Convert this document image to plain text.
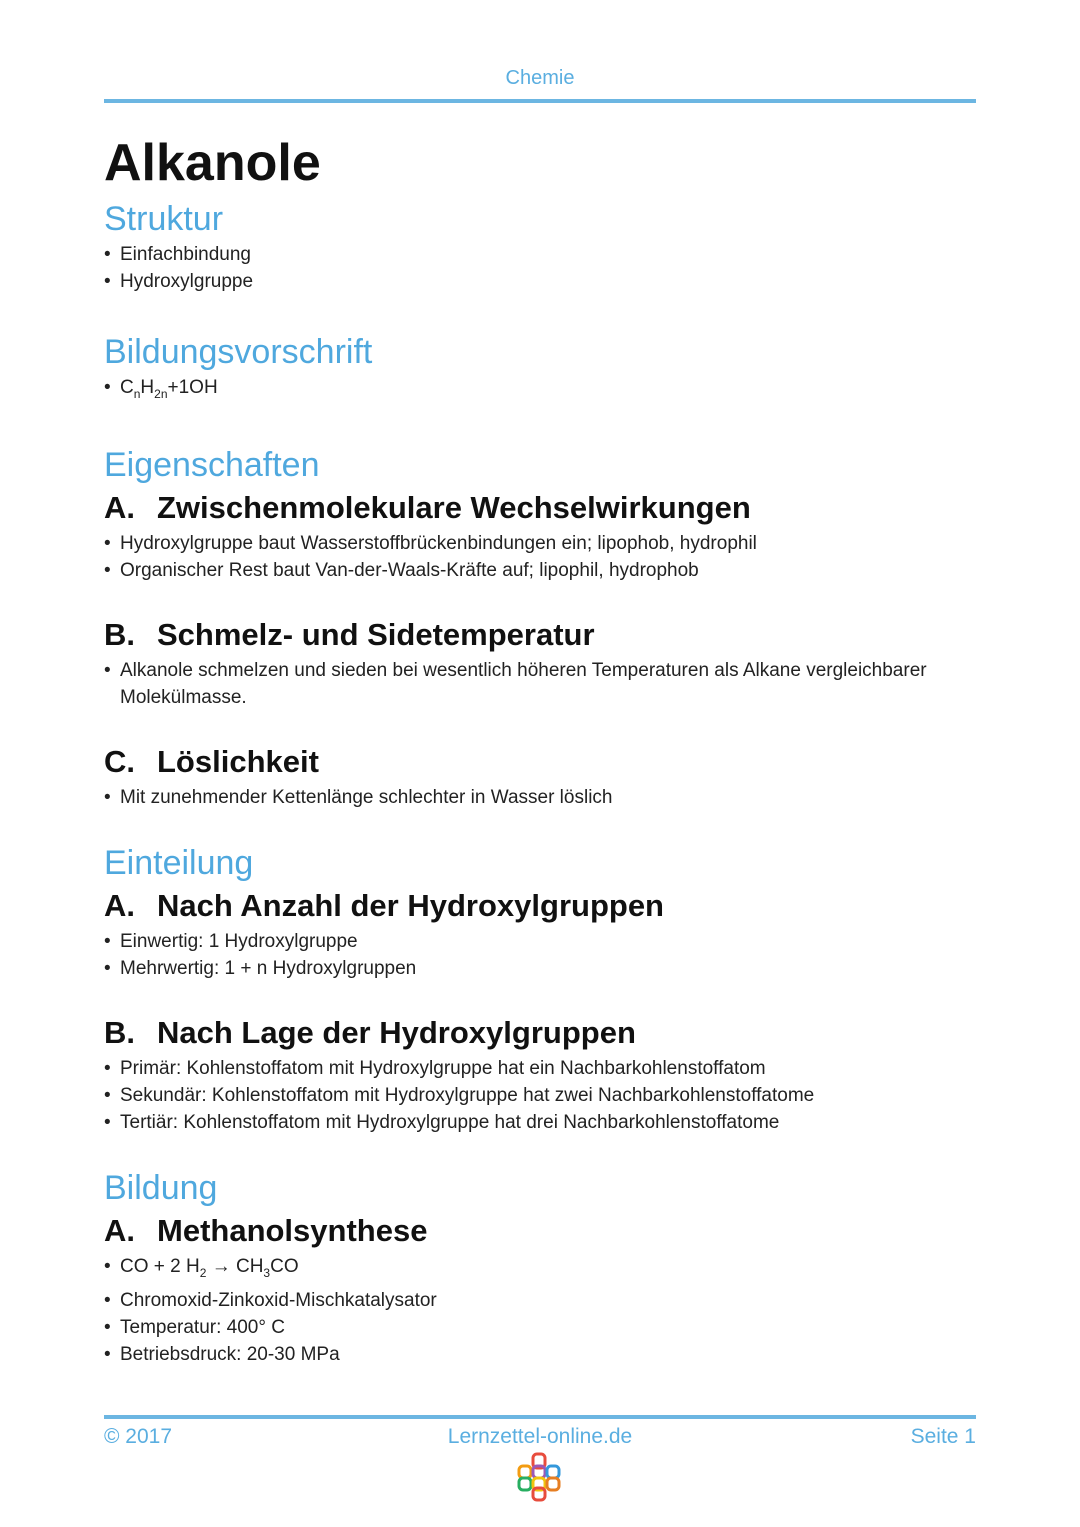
Chemie
Alkanole
Struktur
• Einfachbindung
• Hydroxylgruppe
Bildungsvorschrift
• $C_nH_{2n}+1OH$
Eigenschaften
A. Zwischenmolekulare Wechselwirkungen
• Hydroxylgruppe baut Wasserstoffbrückenbindungen ein; lipophob, hydrophil
• Organischer Rest baut Van-der-Waals-Kräfte auf; lipophil, hydrophob
B. Schmelz- und Sidetemperatur
• Alkanole schmelzen und sieden bei wesentlich höheren Temperaturen als Alkane vergleichbarer Molekülmasse.
C. Löslichkeit
• Mit zunehmender Kettenlänge schlechter in Wasser löslich
Einteilung
A. Nach Anzahl der Hydroxylgruppen
• Einwertig: 1 Hydroxylgruppe
• Mehrwertig: 1 + n Hydroxylgruppen
B. Nach Lage der Hydroxylgruppen
• Primär: Kohlenstoffatom mit Hydroxylgruppe hat ein Nachbarkohlenstoffatom
• Sekundär: Kohlenstoffatom mit Hydroxylgruppe hat zwei Nachbarkohlenstoffatome
• Tertiär: Kohlenstoffatom mit Hydroxylgruppe hat drei Nachbarkohlenstoffatome
Bildung
A. Methanolsynthese
• CO + 2 $H_2 \to CH_3CO$
• Chromoxid-Zinkoxid-Mischkatalysator
• Temperatur: 400° C
• Betriebsdruck: 20-30 MPa
© 2017	Lernzettel-online.de	Seite 1
